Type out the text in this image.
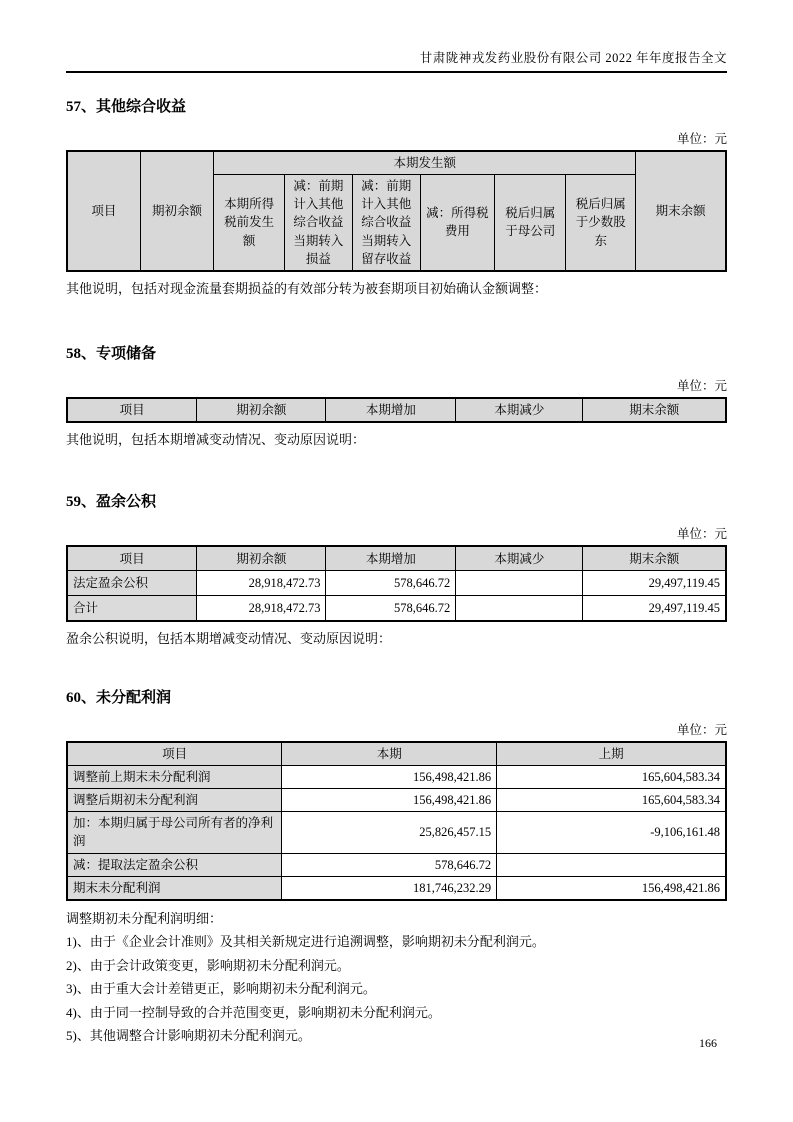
甘肃陇神戎发药业股份有限公司 2022 年年度报告全文
57、其他综合收益
单位：元
项目	期初余额	本期发生额						期末余额
		本期所得税前发生额	减：前期计入其他综合收益当期转入损益	减：前期计入其他综合收益当期转入留存收益	减：所得税费用	税后归属于母公司	税后归属于少数股东	

其他说明，包括对现金流量套期损益的有效部分转为被套期项目初始确认金额调整：

58、专项储备
单位：元
项目	期初余额	本期增加	本期减少	期末余额

其他说明，包括本期增减变动情况、变动原因说明：

59、盈余公积
单位：元
项目	期初余额	本期增加	本期减少	期末余额
法定盈余公积	28,918,472.73	578,646.72		29,497,119.45
合计	28,918,472.73	578,646.72		29,497,119.45

盈余公积说明，包括本期增减变动情况、变动原因说明：

60、未分配利润
单位：元
项目	本期	上期
调整前上期末未分配利润	156,498,421.86	165,604,583.34
调整后期初未分配利润	156,498,421.86	165,604,583.34
加：本期归属于母公司所有者的净利润	25,826,457.15	-9,106,161.48
减：提取法定盈余公积	578,646.72	
期末未分配利润	181,746,232.29	156,498,421.86
调整期初未分配利润明细：
1)、由于《企业会计准则》及其相关新规定进行追溯调整，影响期初未分配利润元。
2)、由于会计政策变更，影响期初未分配利润元。
3)、由于重大会计差错更正，影响期初未分配利润元。
4)、由于同一控制导致的合并范围变更，影响期初未分配利润元。
5)、其他调整合计影响期初未分配利润元。	166
